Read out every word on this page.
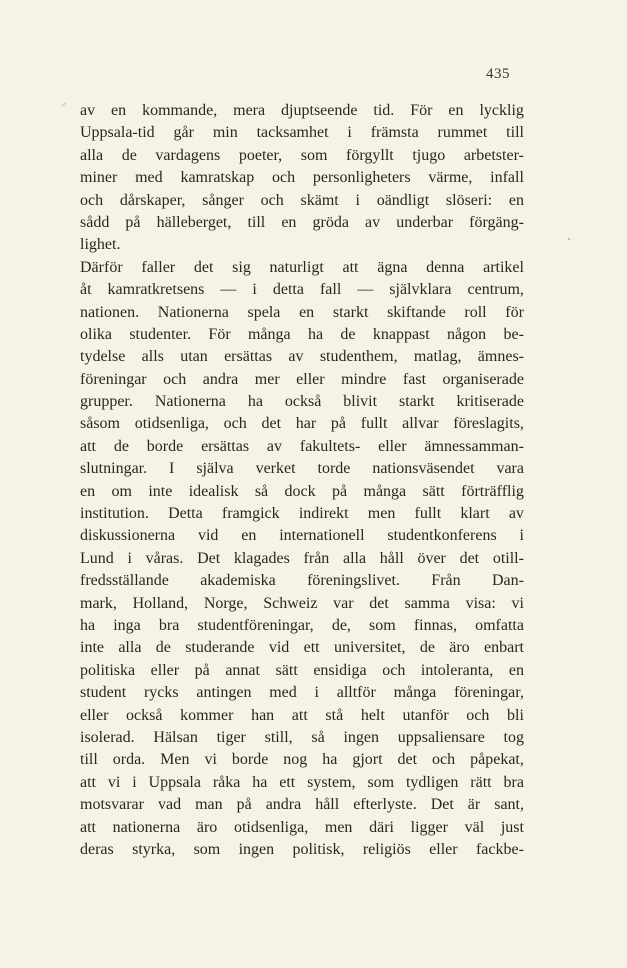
435
av en kommande, mera djuptseende tid. För en lycklig
Uppsala-tid går min tacksamhet i främsta rummet till
alla de vardagens poeter, som förgyllt tjugo arbetster-
miner med kamratskap och personligheters värme, infall
och dårskaper, sånger och skämt i oändligt slöseri: en
sådd på hälleberget, till en gröda av underbar förgäng-
lighet.
Därför faller det sig naturligt att ägna denna artikel
åt kamratkretsens — i detta fall — självklara centrum,
nationen. Nationerna spela en starkt skiftande roll för
olika studenter. För många ha de knappast någon be-
tydelse alls utan ersättas av studenthem, matlag, ämnes-
föreningar och andra mer eller mindre fast organiserade
grupper. Nationerna ha också blivit starkt kritiserade
såsom otidsenliga, och det har på fullt allvar föreslagits,
att de borde ersättas av fakultets- eller ämnessamman-
slutningar. I själva verket torde nationsväsendet vara
en om inte idealisk så dock på många sätt förträfflig
institution. Detta framgick indirekt men fullt klart av
diskussionerna vid en internationell studentkonferens i
Lund i våras. Det klagades från alla håll över det otill-
fredsställande akademiska föreningslivet. Från Dan-
mark, Holland, Norge, Schweiz var det samma visa: vi
ha inga bra studentföreningar, de, som finnas, omfatta
inte alla de studerande vid ett universitet, de äro enbart
politiska eller på annat sätt ensidiga och intoleranta, en
student rycks antingen med i alltför många föreningar,
eller också kommer han att stå helt utanför och bli
isolerad. Hälsan tiger still, så ingen uppsaliensare tog
till orda. Men vi borde nog ha gjort det och påpekat,
att vi i Uppsala råka ha ett system, som tydligen rätt bra
motsvarar vad man på andra håll efterlyste. Det är sant,
att nationerna äro otidsenliga, men däri ligger väl just
deras styrka, som ingen politisk, religiös eller fackbe-
